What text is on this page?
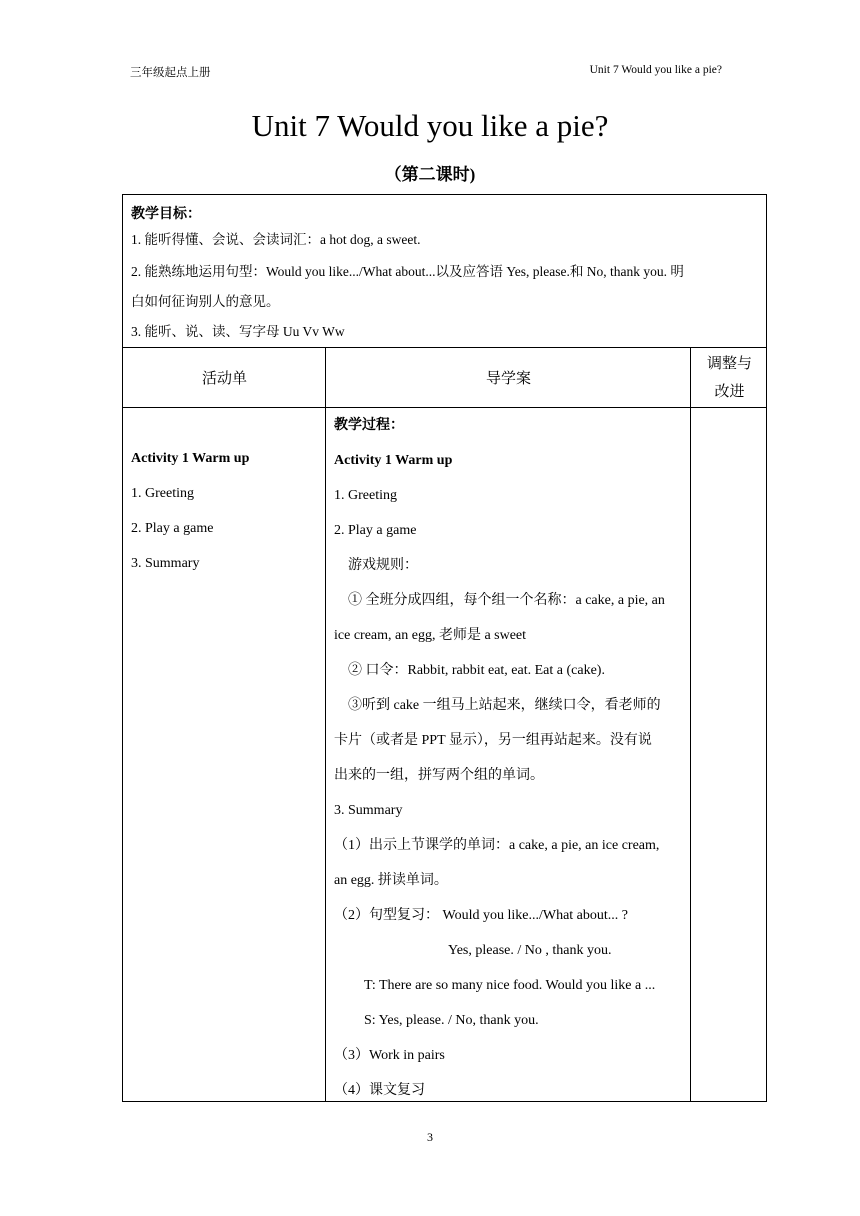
三年级起点上册	Unit 7 Would you like a pie?
Unit 7 Would you like a pie?
（第二课时)
教学目标：
1. 能听得懂、会说、会读词汇：a hot dog, a sweet.
2. 能熟练地运用句型：Would you like.../What about...以及应答语 Yes, please.和 No, thank you. 明
白如何征询别人的意见。
3. 能听、说、读、写字母 Uu Vv Ww
活动单	导学案
调整与
改进
Activity 1 Warm up
1. Greeting
2. Play a game
3. Summary
教学过程：
Activity 1 Warm up
1. Greeting
2. Play a game
　游戏规则：
　① 全班分成四组，每个组一个名称：a cake, a pie, an
ice cream, an egg, 老师是 a sweet
　② 口令：Rabbit, rabbit eat, eat. Eat a (cake).
　③听到 cake 一组马上站起来，继续口令，看老师的
卡片（或者是 PPT 显示），另一组再站起来。没有说
出来的一组，拼写两个组的单词。
3. Summary
（1）出示上节课学的单词：a cake, a pie, an ice cream,
an egg. 拼读单词。
（2）句型复习： Would you like.../What about... ?
Yes, please. / No , thank you.
T: There are so many nice food. Would you like a ...
S: Yes, please. / No, thank you.
（3）Work in pairs
（4）课文复习
3
